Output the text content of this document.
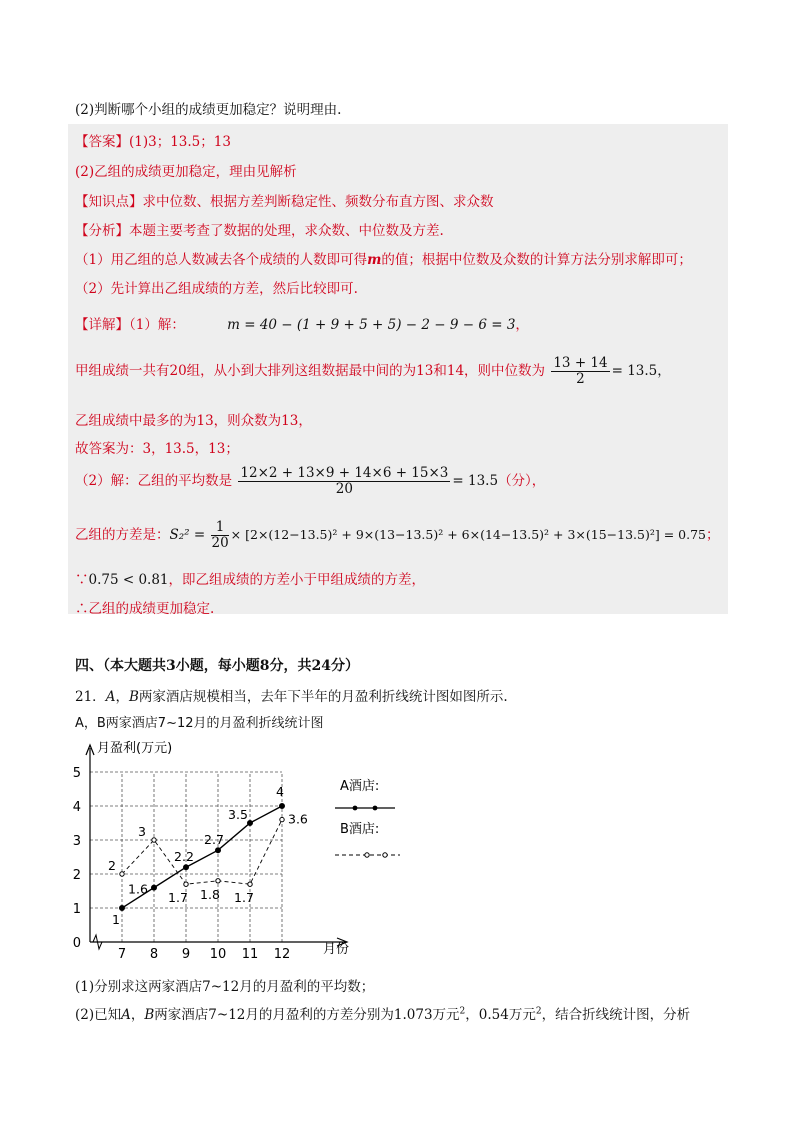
(2)判断哪个小组的成绩更加稳定？说明理由.
【答案】(1)3；13.5；13
(2)乙组的成绩更加稳定，理由见解析
【知识点】求中位数、根据方差判断稳定性、频数分布直方图、求众数
【分析】本题主要考查了数据的处理，求众数、中位数及方差.
（1）用乙组的总人数减去各个成绩的人数即可得m的值；根据中位数及众数的计算方法分别求解即可；
（2）先计算出乙组成绩的方差，然后比较即可.
【详解】（1）解：	m = 40 − (1 + 9 + 5 + 5) − 2 − 9 − 6 = 3，
甲组成绩一共有20组，从小到大排列这组数据最中间的为13和14，则中位数为 $\frac{13 + 14}{2} = 13.5$，
乙组成绩中最多的为13，则众数为13，
故答案为：3，13.5，13；
（2）解：乙组的平均数是 $\frac{12\times 2 + 13\times 9 + 14\times 6 + 15\times 3}{20} = 13.5$（分），
乙组的方差是：$S_2^2 = \frac{1}{20} \times [2\times(12-13.5)^2 + 9\times(13-13.5)^2 + 6\times(14-13.5)^2 + 3\times(15-13.5)^2] = 0.75$；
∵0.75 < 0.81，即乙组成绩的方差小于甲组成绩的方差，
∴乙组的成绩更加稳定.
四、（本大题共3小题，每小题8分，共24分）
21．A，B两家酒店规模相当，去年下半年的月盈利折线统计图如图所示.
A，B两家酒店7~12月的月盈利折线统计图
0
1
2
3
4
5
7 8 9 10 11 12
1
1.6
2.2
2.7
3.5
4
2
3
1.7 1.8 1.7
3.6
A酒店:
B酒店:
月盈利(万元)
月份
(1)分别求这两家酒店7~12月的月盈利的平均数；
(2)已知A，B两家酒店7~12月的月盈利的方差分别为1.073万元$^2$，0.54万元$^2$，结合折线统计图，分析
